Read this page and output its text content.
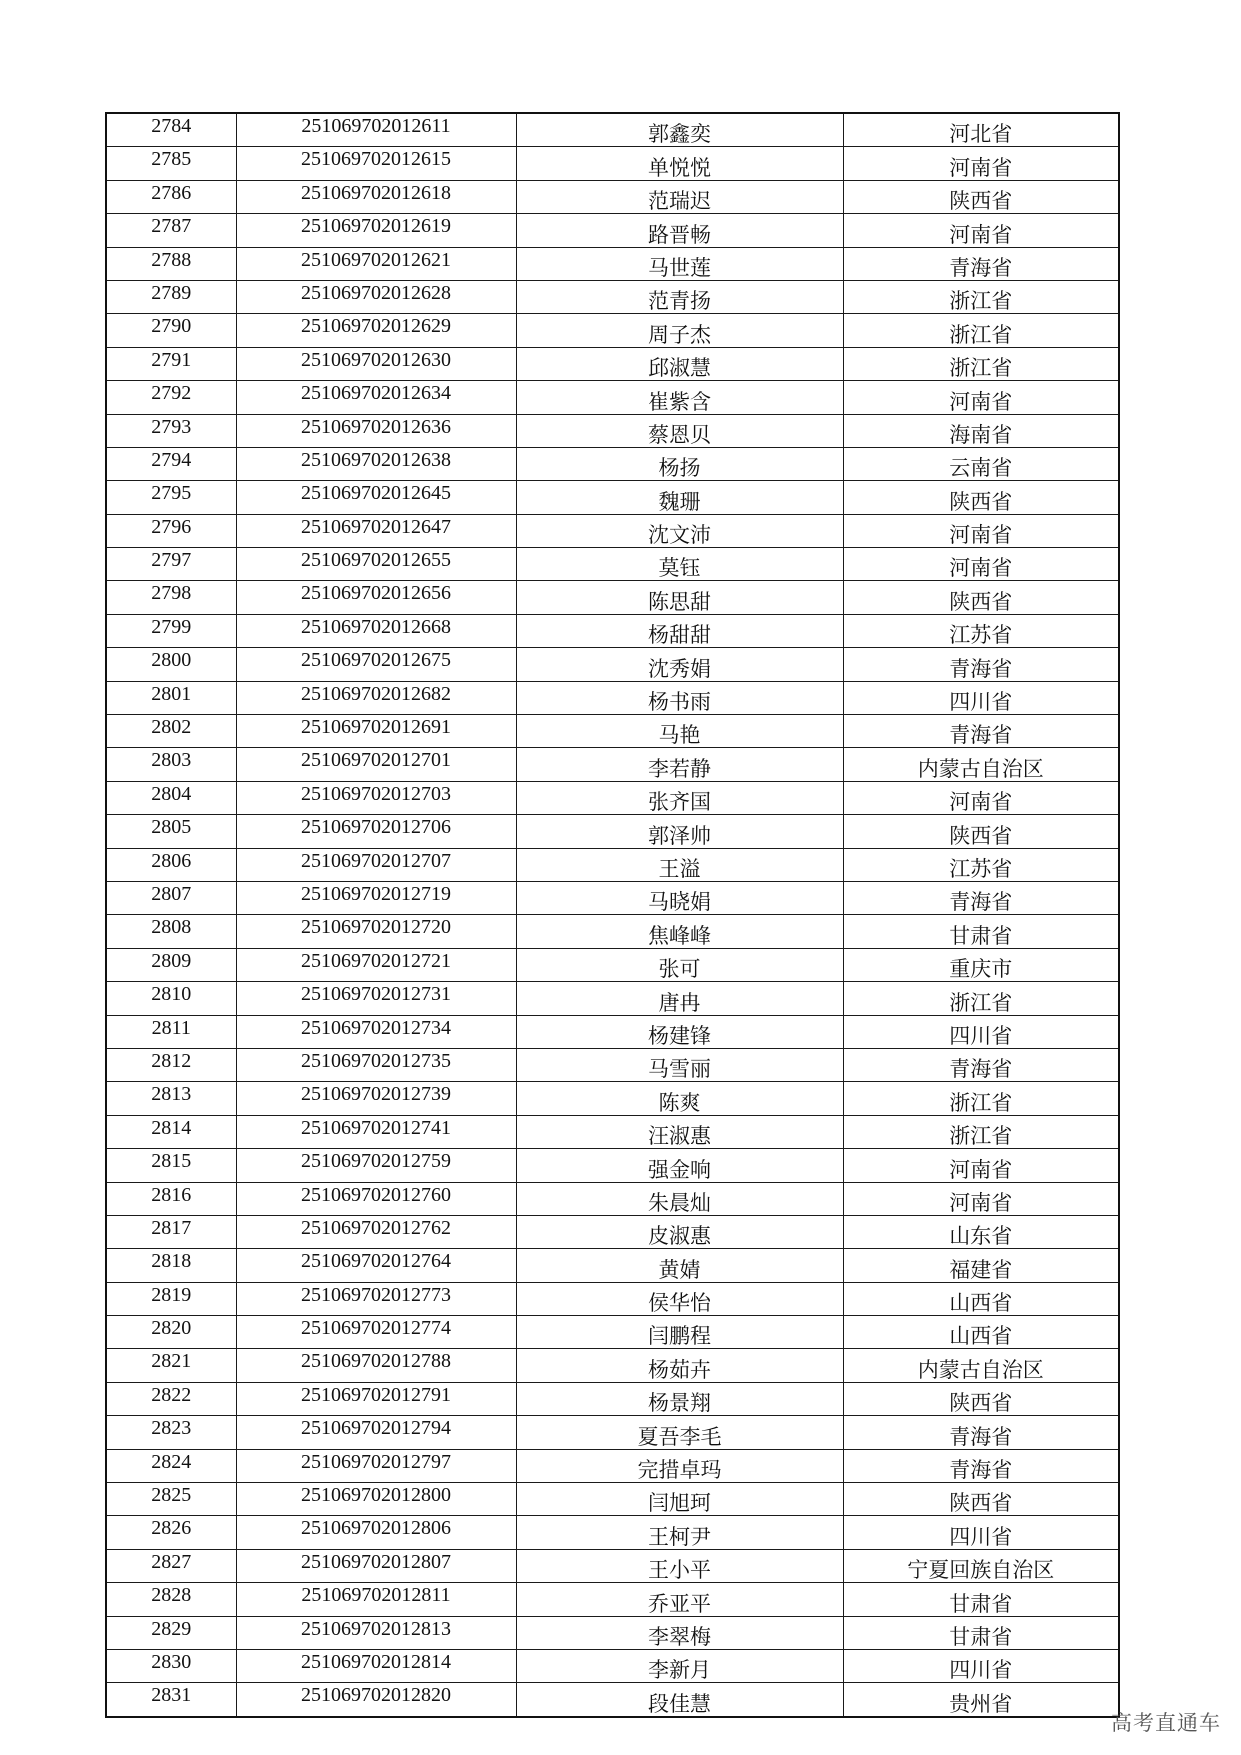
2784	251069702012611	郭鑫奕	河北省
2785	251069702012615	单悦悦	河南省
2786	251069702012618	范瑞迟	陕西省
2787	251069702012619	路晋畅	河南省
2788	251069702012621	马世莲	青海省
2789	251069702012628	范青扬	浙江省
2790	251069702012629	周子杰	浙江省
2791	251069702012630	邱淑慧	浙江省
2792	251069702012634	崔紫含	河南省
2793	251069702012636	蔡恩贝	海南省
2794	251069702012638	杨扬	云南省
2795	251069702012645	魏珊	陕西省
2796	251069702012647	沈文沛	河南省
2797	251069702012655	莫钰	河南省
2798	251069702012656	陈思甜	陕西省
2799	251069702012668	杨甜甜	江苏省
2800	251069702012675	沈秀娟	青海省
2801	251069702012682	杨书雨	四川省
2802	251069702012691	马艳	青海省
2803	251069702012701	李若静	内蒙古自治区
2804	251069702012703	张齐国	河南省
2805	251069702012706	郭泽帅	陕西省
2806	251069702012707	王溢	江苏省
2807	251069702012719	马晓娟	青海省
2808	251069702012720	焦峰峰	甘肃省
2809	251069702012721	张可	重庆市
2810	251069702012731	唐冉	浙江省
2811	251069702012734	杨建锋	四川省
2812	251069702012735	马雪丽	青海省
2813	251069702012739	陈爽	浙江省
2814	251069702012741	汪淑惠	浙江省
2815	251069702012759	强金响	河南省
2816	251069702012760	朱晨灿	河南省
2817	251069702012762	皮淑惠	山东省
2818	251069702012764	黄婧	福建省
2819	251069702012773	侯华怡	山西省
2820	251069702012774	闫鹏程	山西省
2821	251069702012788	杨茹卉	内蒙古自治区
2822	251069702012791	杨景翔	陕西省
2823	251069702012794	夏吾李毛	青海省
2824	251069702012797	完措卓玛	青海省
2825	251069702012800	闫旭珂	陕西省
2826	251069702012806	王柯尹	四川省
2827	251069702012807	王小平	宁夏回族自治区
2828	251069702012811	乔亚平	甘肃省
2829	251069702012813	李翠梅	甘肃省
2830	251069702012814	李新月	四川省
2831	251069702012820	段佳慧	贵州省
高考直通车
